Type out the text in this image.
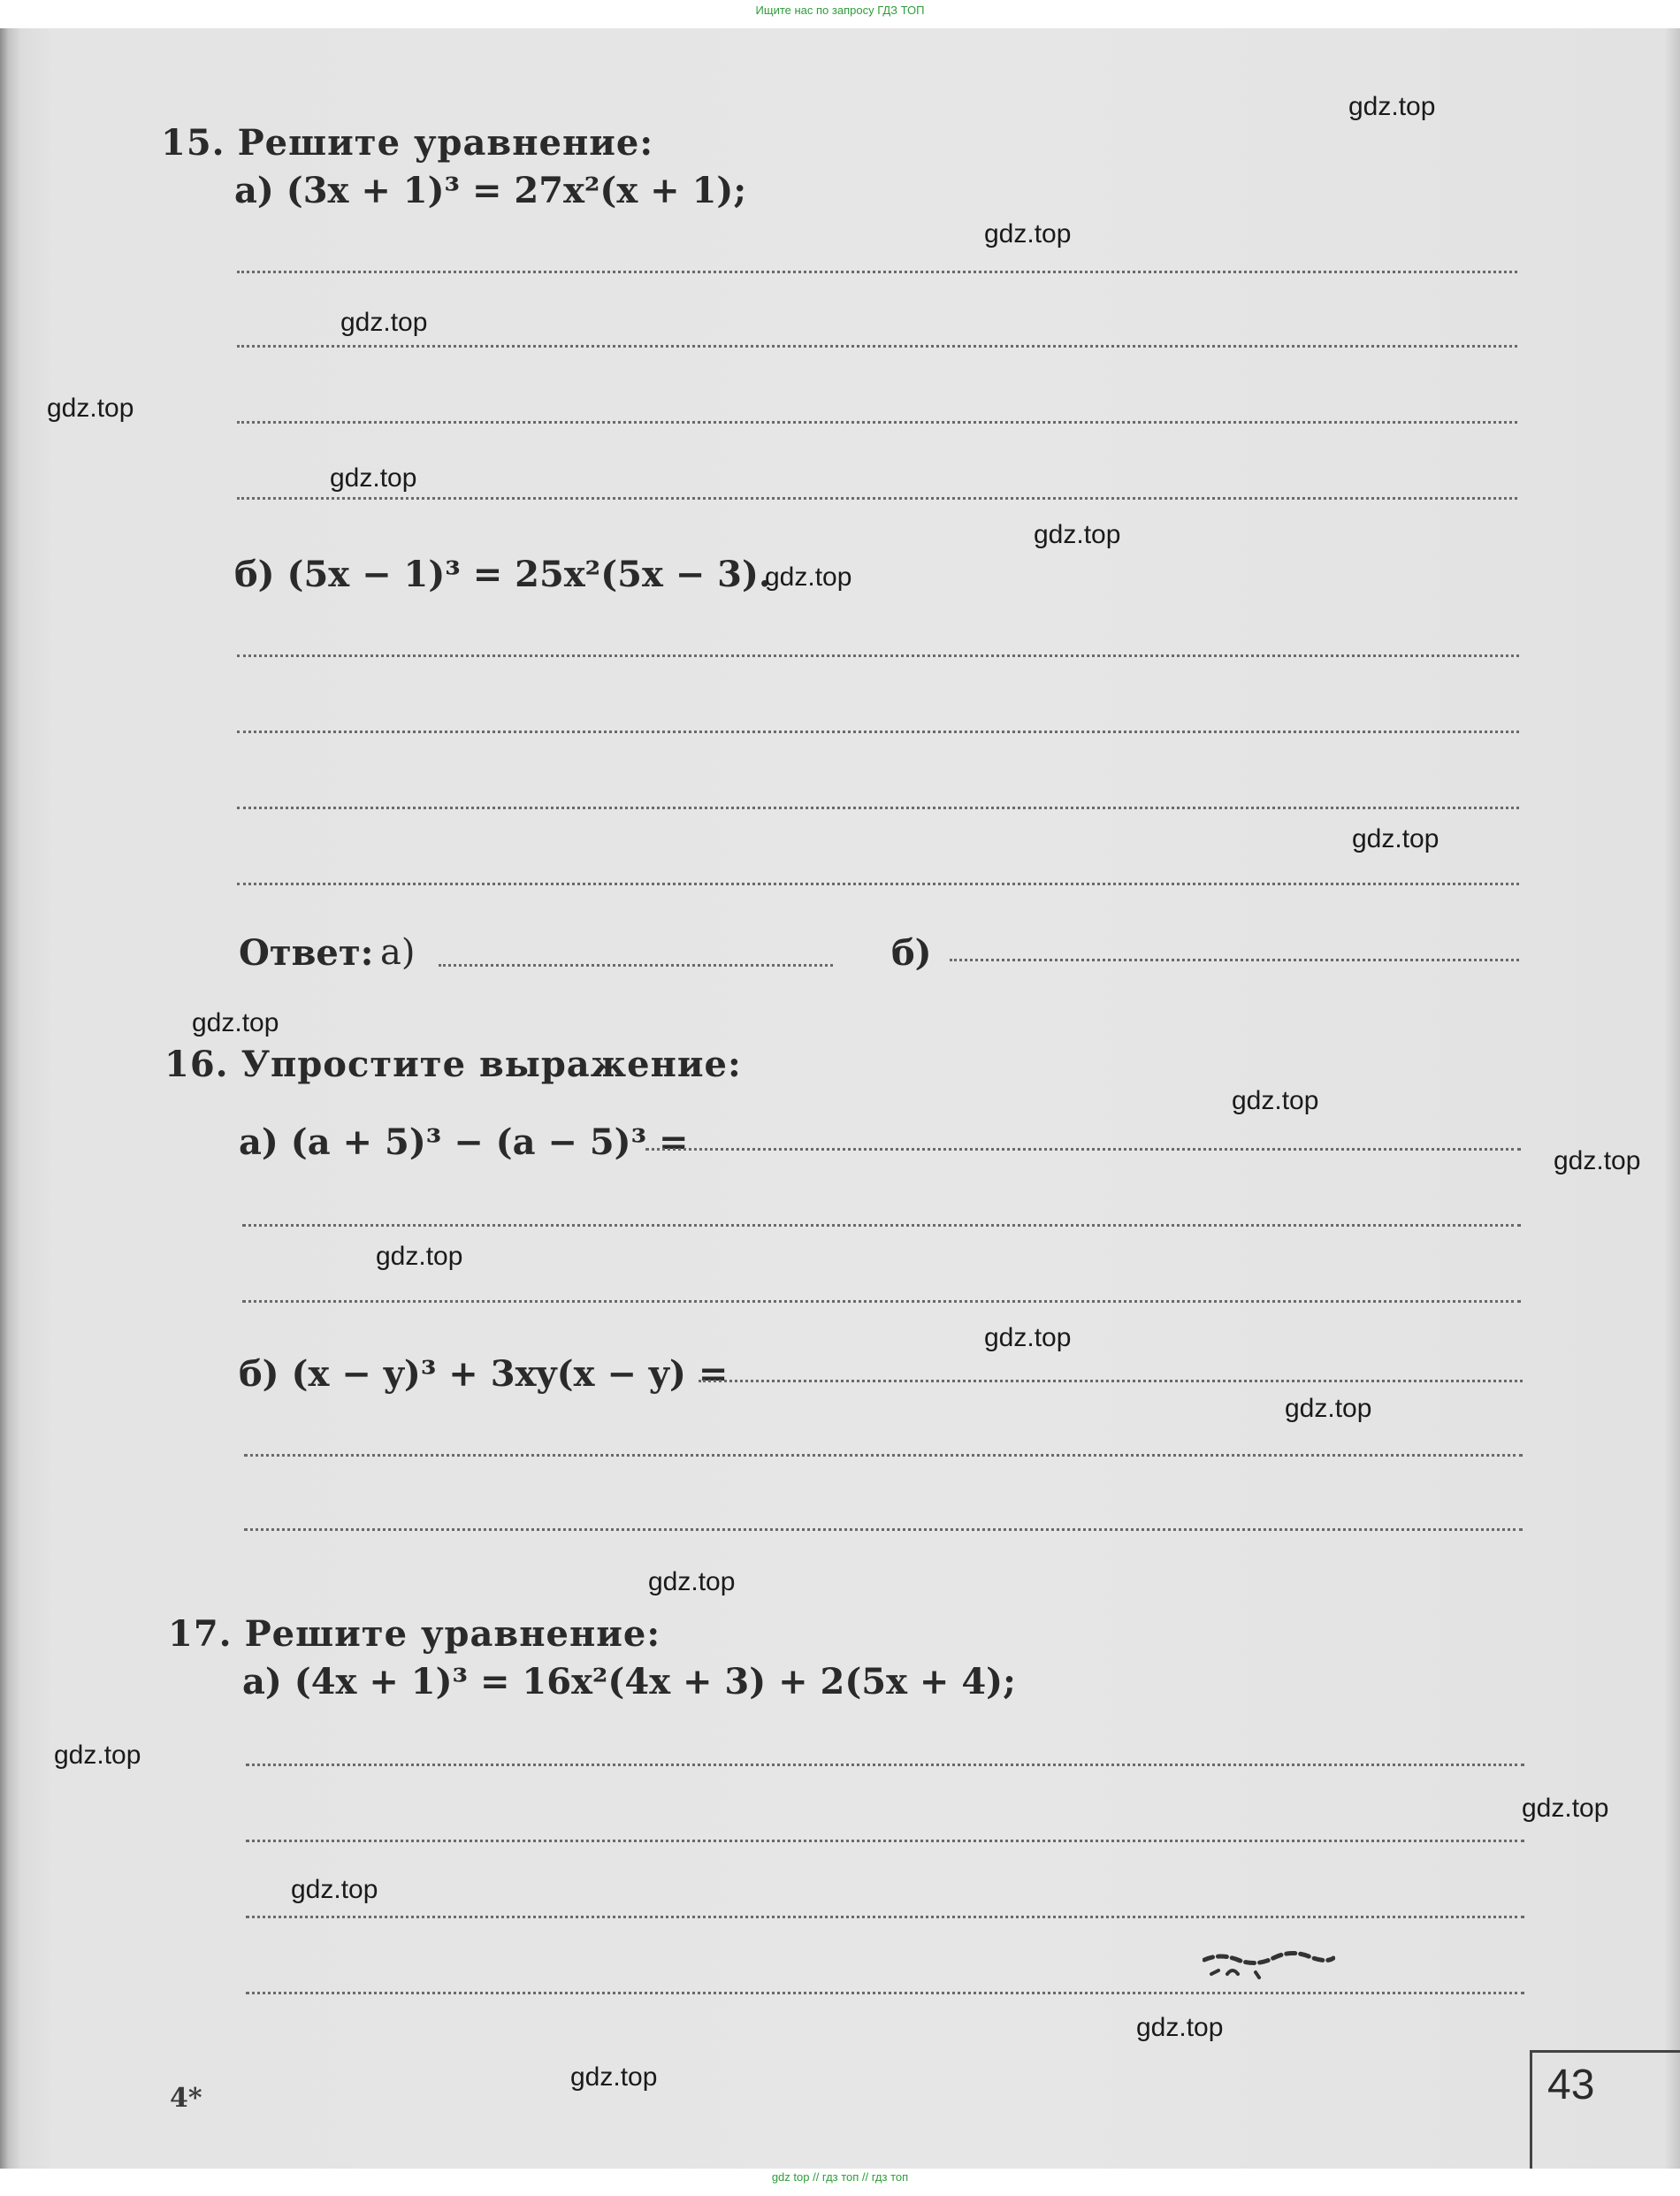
Ищите нас по запросу ГДЗ ТОП
15. Решите уравнение:
а) (3x + 1)³ = 27x²(x + 1);
б) (5x − 1)³ = 25x²(5x − 3).
Ответ: а)	б)
16. Упростите выражение:
а) (a + 5)³ − (a − 5)³ =
б) (x − y)³ + 3xy(x − y) =
17. Решите уравнение:
а) (4x + 1)³ = 16x²(4x + 3) + 2(5x + 4);
4*	43
gdz.top
gdz.top
gdz.top
gdz.top
gdz.top
gdz.top
gdz.top
gdz.top
gdz.top
gdz.top
gdz.top
gdz.top
gdz.top
gdz.top
gdz.top
gdz.top
gdz.top
gdz.top
gdz.top
gdz.top
gdz top // гдз топ // гдз топ
